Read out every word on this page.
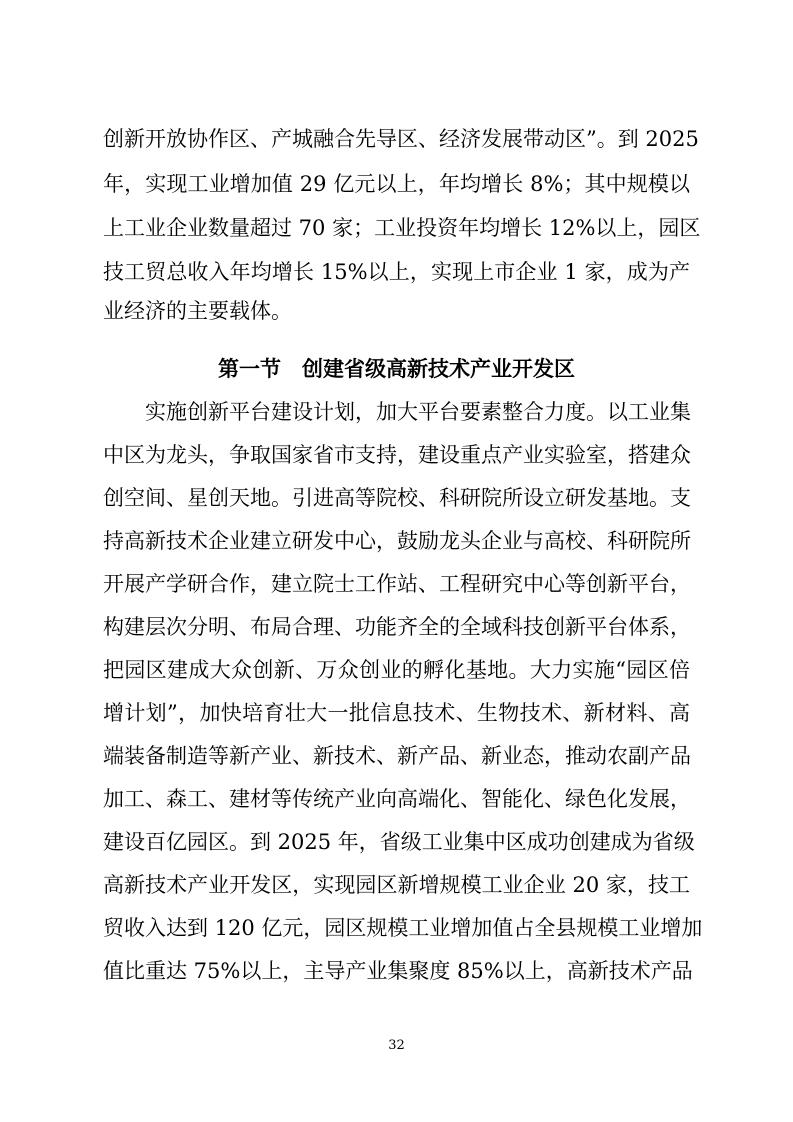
创新开放协作区、产城融合先导区、经济发展带动区”。到 2025
年，实现工业增加值 29 亿元以上，年均增长 8%；其中规模以
上工业企业数量超过 70 家；工业投资年均增长 12%以上，园区
技工贸总收入年均增长 15%以上，实现上市企业 1 家，成为产
业经济的主要载体。
第一节　创建省级高新技术产业开发区
　　实施创新平台建设计划，加大平台要素整合力度。以工业集
中区为龙头，争取国家省市支持，建设重点产业实验室，搭建众
创空间、星创天地。引进高等院校、科研院所设立研发基地。支
持高新技术企业建立研发中心，鼓励龙头企业与高校、科研院所
开展产学研合作，建立院士工作站、工程研究中心等创新平台，
构建层次分明、布局合理、功能齐全的全域科技创新平台体系，
把园区建成大众创新、万众创业的孵化基地。大力实施“园区倍
增计划”，加快培育壮大一批信息技术、生物技术、新材料、高
端装备制造等新产业、新技术、新产品、新业态，推动农副产品
加工、森工、建材等传统产业向高端化、智能化、绿色化发展，
建设百亿园区。到 2025 年，省级工业集中区成功创建成为省级
高新技术产业开发区，实现园区新增规模工业企业 20 家，技工
贸收入达到 120 亿元，园区规模工业增加值占全县规模工业增加
值比重达 75%以上，主导产业集聚度 85%以上，高新技术产品
32
